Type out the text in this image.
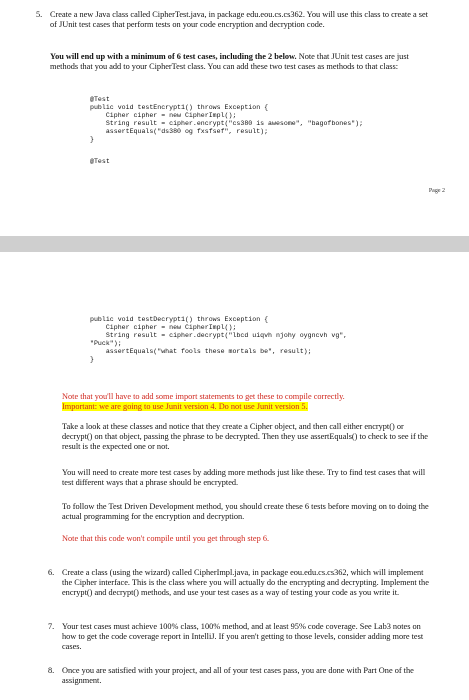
5. Create a new Java class called CipherTest.java, in package edu.eou.cs.cs362. You will use this class to create a set of JUnit test cases that perform tests on your code encryption and decryption code.

You will end up with a minimum of 6 test cases, including the 2 below. Note that JUnit test cases are just methods that you add to your CipherTest class. You can add these two test cases as methods to that class:

@Test
public void testEncrypt1() throws Exception {
Cipher cipher = new CipherImpl();
String result = cipher.encrypt("cs380 is awesome", "bagofbones");
assertEquals("ds380 og fxsfsef", result);
}
@Test
Page 2
public void testDecrypt1() throws Exception {
Cipher cipher = new CipherImpl();
String result = cipher.decrypt("lbcd uiqvh njohy oygncvh vg",
"Puck");
assertEquals("what fools these mortals be", result);
}

Note that you'll have to add some import statements to get these to compile correctly.

Important: we are going to use Junit version 4. Do not use Junit version 5.

Take a look at these classes and notice that they create a Cipher object, and then call either encrypt() or decrypt() on that object, passing the phrase to be decrypted. Then they use assertEquals() to check to see if the result is the expected one or not.

You will need to create more test cases by adding more methods just like these. Try to find test cases that will test different ways that a phrase should be encrypted.

To follow the Test Driven Development method, you should create these 6 tests before moving on to doing the actual programming for the encryption and decryption.

Note that this code won't compile until you get through step 6.

6. Create a class (using the wizard) called CipherImpl.java, in package eou.edu.cs.cs362, which will implement the Cipher interface. This is the class where you will actually do the encrypting and decrypting. Implement the encrypt() and decrypt() methods, and use your test cases as a way of testing your code as you write it.

7. Your test cases must achieve 100% class, 100% method, and at least 95% code coverage. See Lab3 notes on how to get the code coverage report in IntelliJ. If you aren't getting to those levels, consider adding more test cases.

8. Once you are satisfied with your project, and all of your test cases pass, you are done with Part One of the assignment.
